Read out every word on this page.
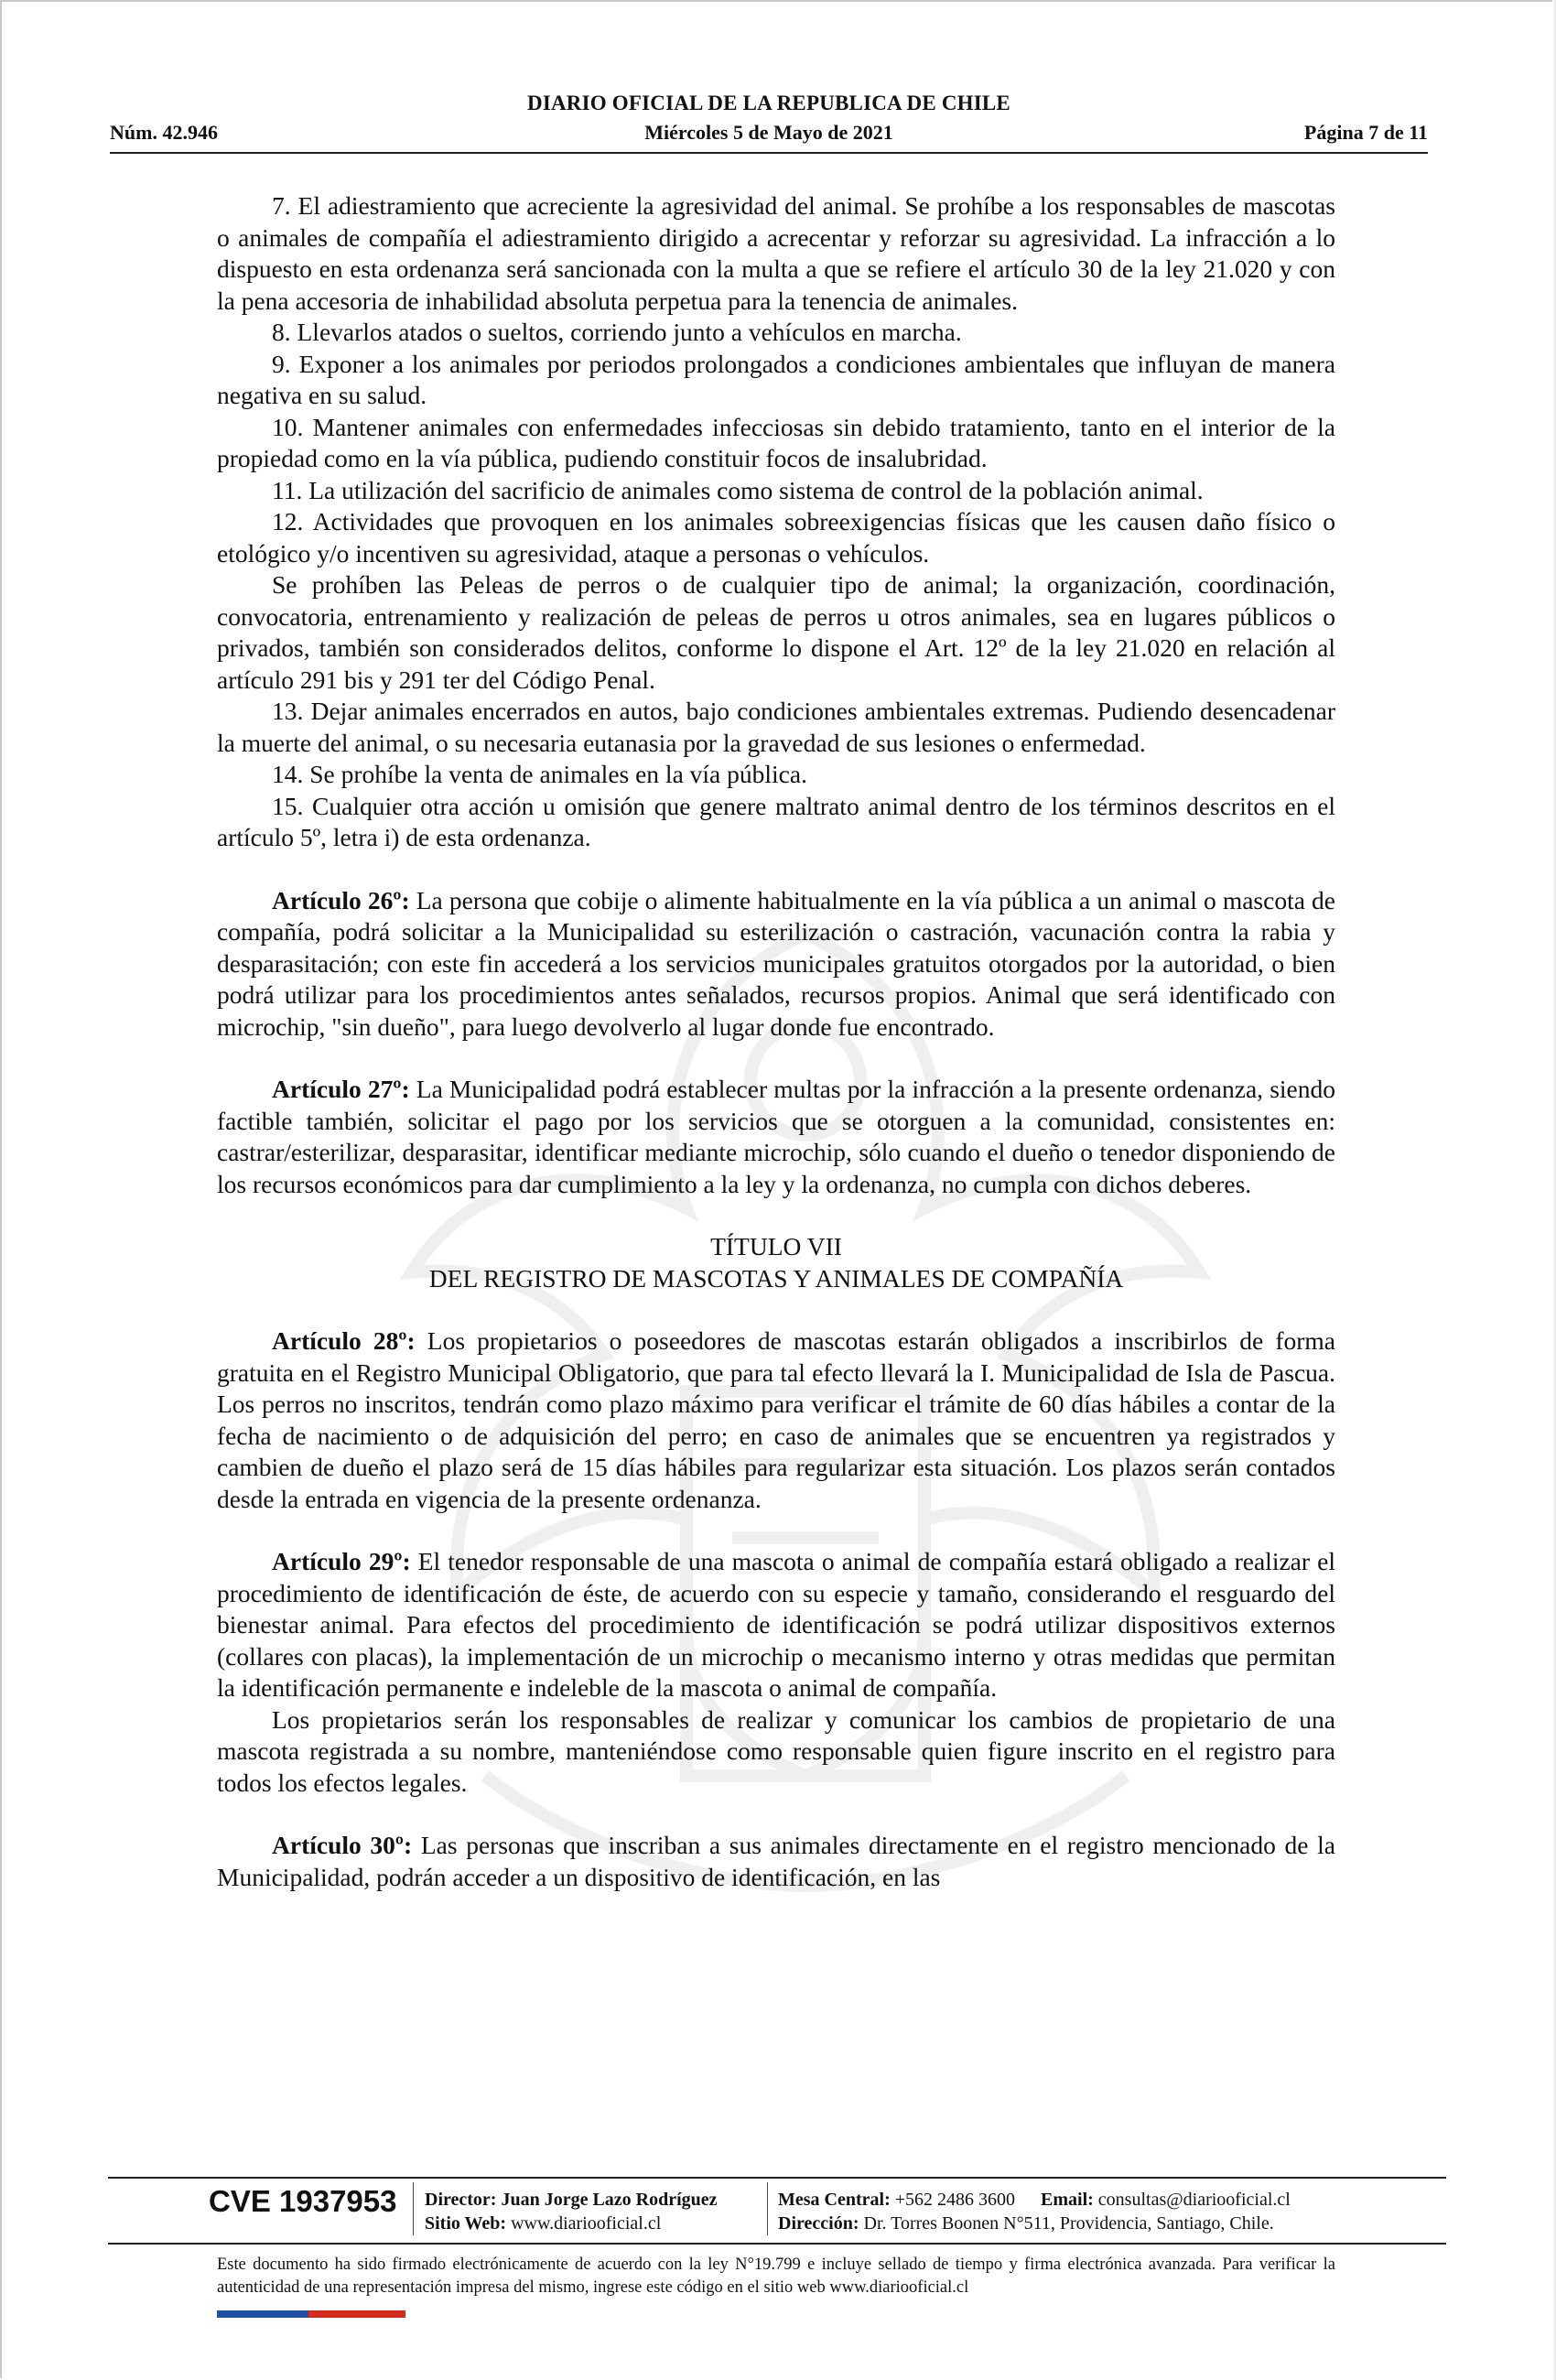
DIARIO OFICIAL DE LA REPUBLICA DE CHILE
Núm. 42.946	Miércoles 5 de Mayo de 2021	Página 7 de 11

7. El adiestramiento que acreciente la agresividad del animal. Se prohíbe a los responsables de mascotas o animales de compañía el adiestramiento dirigido a acrecentar y reforzar su agresividad. La infracción a lo dispuesto en esta ordenanza será sancionada con la multa a que se refiere el artículo 30 de la ley 21.020 y con la pena accesoria de inhabilidad absoluta perpetua para la tenencia de animales.

8. Llevarlos atados o sueltos, corriendo junto a vehículos en marcha.

9. Exponer a los animales por periodos prolongados a condiciones ambientales que influyan de manera negativa en su salud.

10. Mantener animales con enfermedades infecciosas sin debido tratamiento, tanto en el interior de la propiedad como en la vía pública, pudiendo constituir focos de insalubridad.

11. La utilización del sacrificio de animales como sistema de control de la población animal.

12. Actividades que provoquen en los animales sobreexigencias físicas que les causen daño físico o etológico y/o incentiven su agresividad, ataque a personas o vehículos.

Se prohíben las Peleas de perros o de cualquier tipo de animal; la organización, coordinación, convocatoria, entrenamiento y realización de peleas de perros u otros animales, sea en lugares públicos o privados, también son considerados delitos, conforme lo dispone el Art. 12º de la ley 21.020 en relación al artículo 291 bis y 291 ter del Código Penal.

13. Dejar animales encerrados en autos, bajo condiciones ambientales extremas. Pudiendo desencadenar la muerte del animal, o su necesaria eutanasia por la gravedad de sus lesiones o enfermedad.

14. Se prohíbe la venta de animales en la vía pública.

15. Cualquier otra acción u omisión que genere maltrato animal dentro de los términos descritos en el artículo 5º, letra i) de esta ordenanza.

Artículo 26º: La persona que cobije o alimente habitualmente en la vía pública a un animal o mascota de compañía, podrá solicitar a la Municipalidad su esterilización o castración, vacunación contra la rabia y desparasitación; con este fin accederá a los servicios municipales gratuitos otorgados por la autoridad, o bien podrá utilizar para los procedimientos antes señalados, recursos propios. Animal que será identificado con microchip, "sin dueño", para luego devolverlo al lugar donde fue encontrado.

Artículo 27º: La Municipalidad podrá establecer multas por la infracción a la presente ordenanza, siendo factible también, solicitar el pago por los servicios que se otorguen a la comunidad, consistentes en: castrar/esterilizar, desparasitar, identificar mediante microchip, sólo cuando el dueño o tenedor disponiendo de los recursos económicos para dar cumplimiento a la ley y la ordenanza, no cumpla con dichos deberes.

TÍTULO VII
DEL REGISTRO DE MASCOTAS Y ANIMALES DE COMPAÑÍA

Artículo 28º: Los propietarios o poseedores de mascotas estarán obligados a inscribirlos de forma gratuita en el Registro Municipal Obligatorio, que para tal efecto llevará la I. Municipalidad de Isla de Pascua. Los perros no inscritos, tendrán como plazo máximo para verificar el trámite de 60 días hábiles a contar de la fecha de nacimiento o de adquisición del perro; en caso de animales que se encuentren ya registrados y cambien de dueño el plazo será de 15 días hábiles para regularizar esta situación. Los plazos serán contados desde la entrada en vigencia de la presente ordenanza.

Artículo 29º: El tenedor responsable de una mascota o animal de compañía estará obligado a realizar el procedimiento de identificación de éste, de acuerdo con su especie y tamaño, considerando el resguardo del bienestar animal. Para efectos del procedimiento de identificación se podrá utilizar dispositivos externos (collares con placas), la implementación de un microchip o mecanismo interno y otras medidas que permitan la identificación permanente e indeleble de la mascota o animal de compañía.

Los propietarios serán los responsables de realizar y comunicar los cambios de propietario de una mascota registrada a su nombre, manteniéndose como responsable quien figure inscrito en el registro para todos los efectos legales.

Artículo 30º: Las personas que inscriban a sus animales directamente en el registro mencionado de la Municipalidad, podrán acceder a un dispositivo de identificación, en las

CVE 1937953 Director: Juan Jorge Lazo Rodríguez
Sitio Web: www.diariooficial.cl
Mesa Central: +562 2486 3600 Email: consultas@diariooficial.cl
Dirección: Dr. Torres Boonen N°511, Providencia, Santiago, Chile.
Este documento ha sido firmado electrónicamente de acuerdo con la ley N°19.799 e incluye sellado de tiempo y firma electrónica avanzada. Para verificar la autenticidad de una representación impresa del mismo, ingrese este código en el sitio web www.diariooficial.cl
